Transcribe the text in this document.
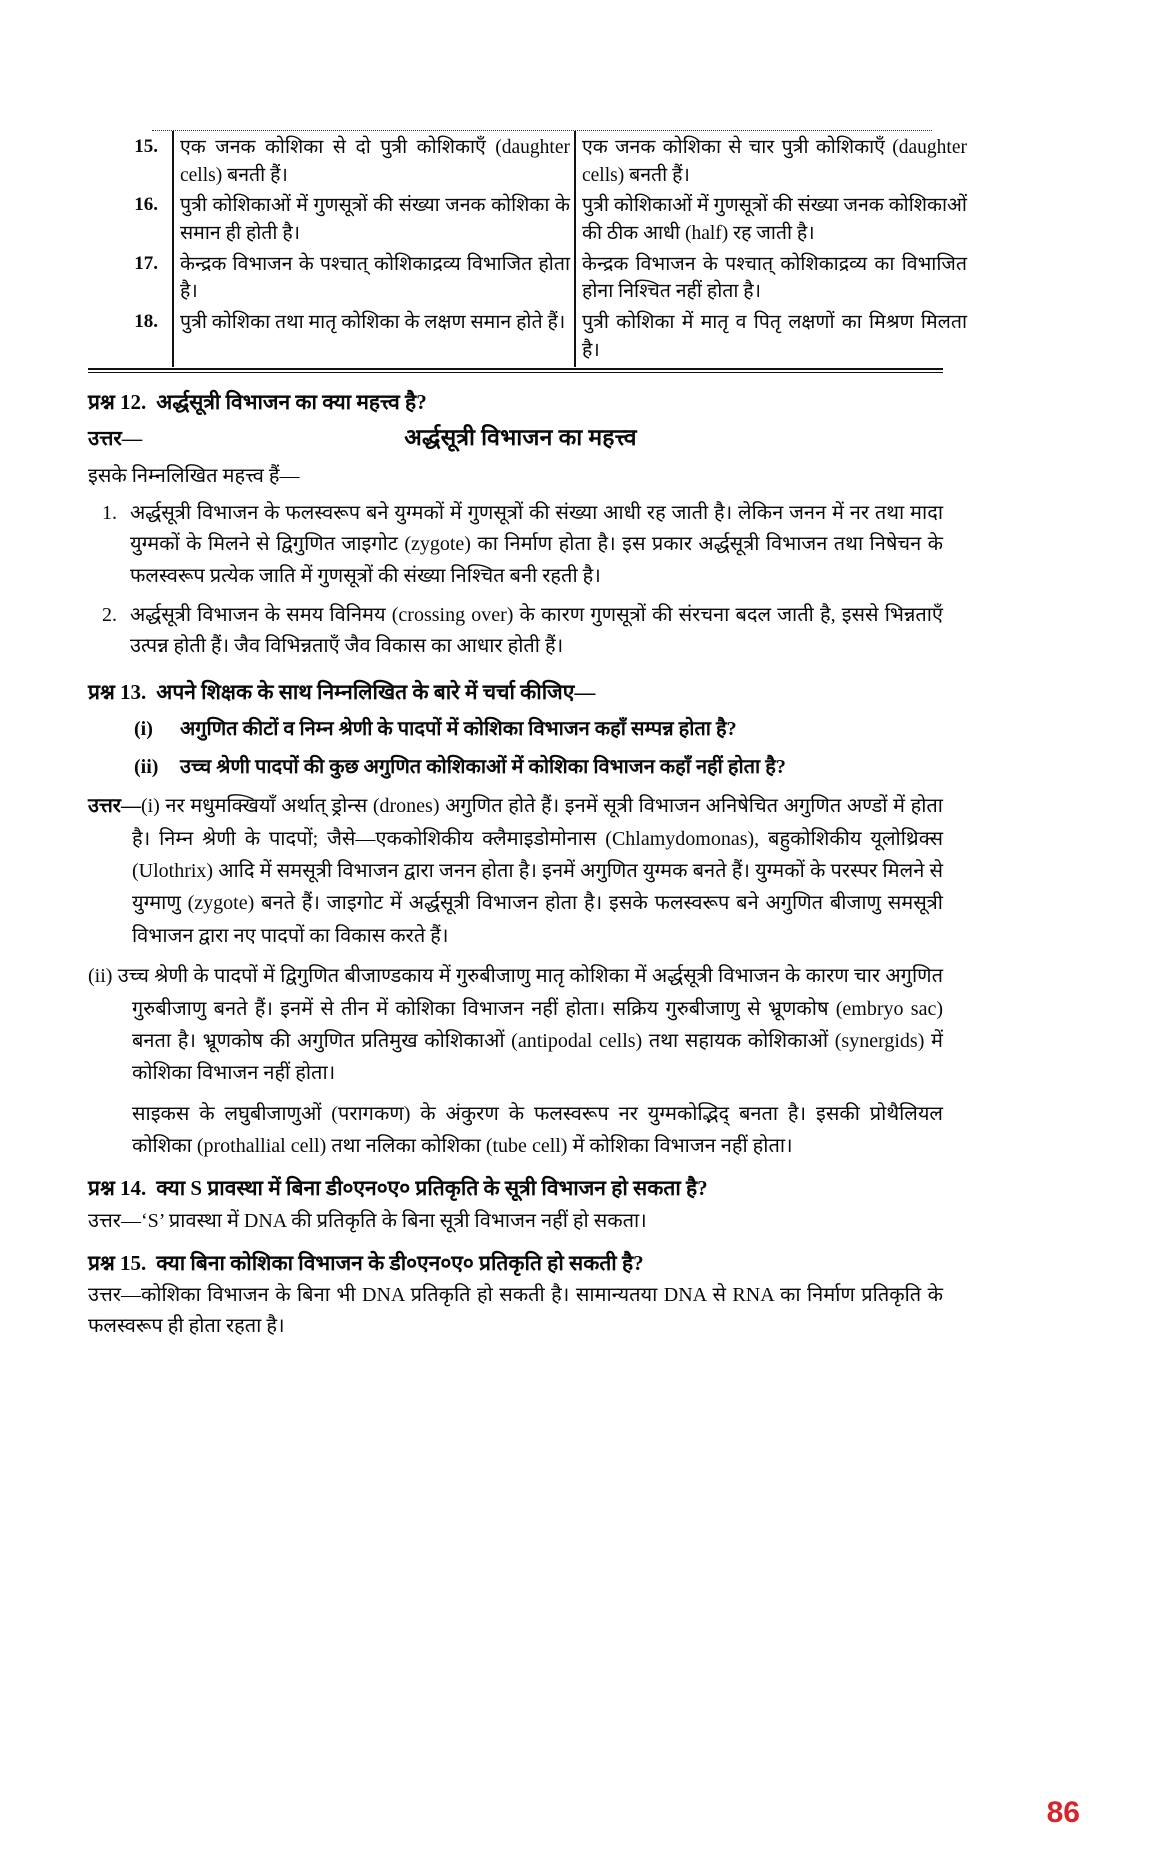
15.	एक जनक कोशिका से दो पुत्री कोशिकाएँ (daughter cells) बनती हैं।	एक जनक कोशिका से चार पुत्री कोशिकाएँ (daughter cells) बनती हैं।
16.	पुत्री कोशिकाओं में गुणसूत्रों की संख्या जनक कोशिका के समान ही होती है।	पुत्री कोशिकाओं में गुणसूत्रों की संख्या जनक कोशिकाओं की ठीक आधी (half) रह जाती है।
17.	केन्द्रक विभाजन के पश्चात् कोशिकाद्रव्य विभाजित होता है।	केन्द्रक विभाजन के पश्चात् कोशिकाद्रव्य का विभाजित होना निश्चित नहीं होता है।
18.	पुत्री कोशिका तथा मातृ कोशिका के लक्षण समान होते हैं।	पुत्री कोशिका में मातृ व पितृ लक्षणों का मिश्रण मिलता है।
प्रश्न 12. अर्द्धसूत्री विभाजन का क्या महत्त्व है?
उत्तर—	अर्द्धसूत्री विभाजन का महत्त्व
इसके निम्नलिखित महत्त्व हैं—
अर्द्धसूत्री विभाजन के फलस्वरूप बने युग्मकों में गुणसूत्रों की संख्या आधी रह जाती है। लेकिन जनन में नर तथा मादा युग्मकों के मिलने से द्विगुणित जाइगोट (zygote) का निर्माण होता है। इस प्रकार अर्द्धसूत्री विभाजन तथा निषेचन के फलस्वरूप प्रत्येक जाति में गुणसूत्रों की संख्या निश्चित बनी रहती है।
अर्द्धसूत्री विभाजन के समय विनिमय (crossing over) के कारण गुणसूत्रों की संरचना बदल जाती है, इससे भिन्नताएँ उत्पन्न होती हैं। जैव विभिन्नताएँ जैव विकास का आधार होती हैं।
प्रश्न 13. अपने शिक्षक के साथ निम्नलिखित के बारे में चर्चा कीजिए—
(i) अगुणित कीटों व निम्न श्रेणी के पादपों में कोशिका विभाजन कहाँ सम्पन्न होता है?
(ii) उच्च श्रेणी पादपों की कुछ अगुणित कोशिकाओं में कोशिका विभाजन कहाँ नहीं होता है?
उत्तर—(i) नर मधुमक्खियाँ अर्थात् ड्रोन्स (drones) अगुणित होते हैं। इनमें सूत्री विभाजन अनिषेचित अगुणित अण्डों में होता है। निम्न श्रेणी के पादपों; जैसे—एककोशिकीय क्लैमाइडोमोनास (Chlamydomonas), बहुकोशिकीय यूलोथ्रिक्स (Ulothrix) आदि में समसूत्री विभाजन द्वारा जनन होता है। इनमें अगुणित युग्मक बनते हैं। युग्मकों के परस्पर मिलने से युग्माणु (zygote) बनते हैं। जाइगोट में अर्द्धसूत्री विभाजन होता है। इसके फलस्वरूप बने अगुणित बीजाणु समसूत्री विभाजन द्वारा नए पादपों का विकास करते हैं।
(ii) उच्च श्रेणी के पादपों में द्विगुणित बीजाण्डकाय में गुरुबीजाणु मातृ कोशिका में अर्द्धसूत्री विभाजन के कारण चार अगुणित गुरुबीजाणु बनते हैं। इनमें से तीन में कोशिका विभाजन नहीं होता। सक्रिय गुरुबीजाणु से भ्रूणकोष (embryo sac) बनता है। भ्रूणकोष की अगुणित प्रतिमुख कोशिकाओं (antipodal cells) तथा सहायक कोशिकाओं (synergids) में कोशिका विभाजन नहीं होता।
साइकस के लघुबीजाणुओं (परागकण) के अंकुरण के फलस्वरूप नर युग्मकोद्भिद् बनता है। इसकी प्रोथैलियल कोशिका (prothallial cell) तथा नलिका कोशिका (tube cell) में कोशिका विभाजन नहीं होता।
प्रश्न 14. क्या S प्रावस्था में बिना डी०एन०ए० प्रतिकृति के सूत्री विभाजन हो सकता है?
उत्तर—‘S’ प्रावस्था में DNA की प्रतिकृति के बिना सूत्री विभाजन नहीं हो सकता।
प्रश्न 15. क्या बिना कोशिका विभाजन के डी०एन०ए० प्रतिकृति हो सकती है?
उत्तर—कोशिका विभाजन के बिना भी DNA प्रतिकृति हो सकती है। सामान्यतया DNA से RNA का निर्माण प्रतिकृति के फलस्वरूप ही होता रहता है।
86
